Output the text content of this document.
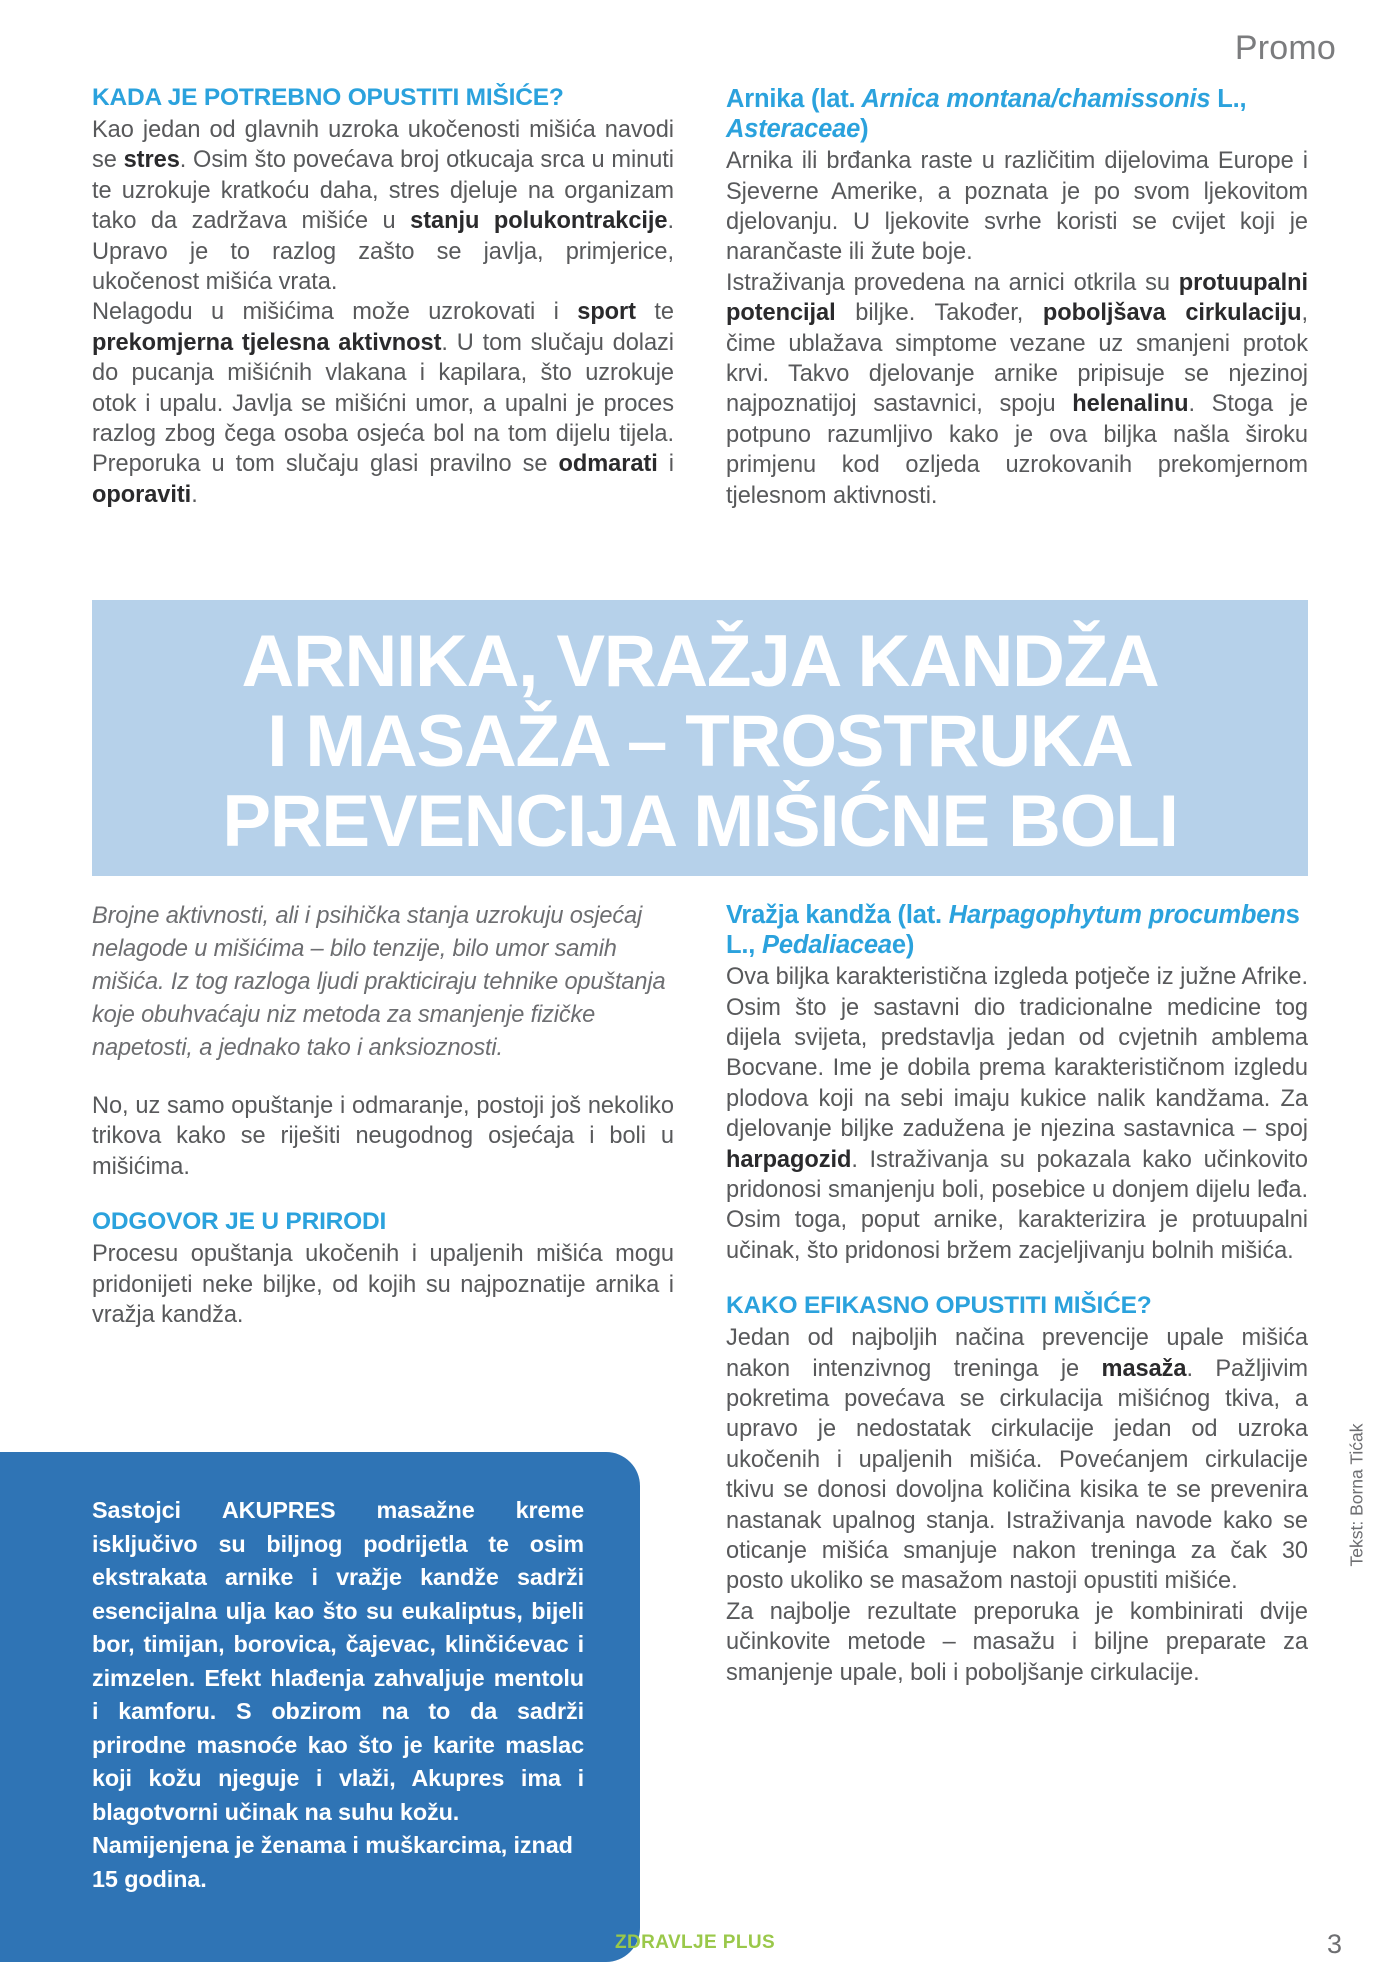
Promo
KADA JE POTREBNO OPUSTITI MIŠIĆE?

Kao jedan od glavnih uzroka ukočenosti mišića navodi se stres. Osim što povećava broj otkucaja srca u minuti te uzrokuje kratkoću daha, stres djeluje na organizam tako da zadržava mišiće u stanju polukontrakcije. Upravo je to razlog zašto se javlja, primjerice, ukočenost mišića vrata.

Nelagodu u mišićima može uzrokovati i sport te prekomjerna tjelesna aktivnost. U tom slučaju dolazi do pucanja mišićnih vlakana i kapilara, što uzrokuje otok i upalu. Javlja se mišićni umor, a upalni je proces razlog zbog čega osoba osjeća bol na tom dijelu tijela. Preporuka u tom slučaju glasi pravilno se odmarati i oporaviti.

Arnika (lat. Arnica montana/chamissonis L., Asteraceae)

Arnika ili brđanka raste u različitim dijelovima Europe i Sjeverne Amerike, a poznata je po svom ljekovitom djelovanju. U ljekovite svrhe koristi se cvijet koji je narančaste ili žute boje.

Istraživanja provedena na arnici otkrila su protuupalni potencijal biljke. Također, poboljšava cirkulaciju, čime ublažava simptome vezane uz smanjeni protok krvi. Takvo djelovanje arnike pripisuje se njezinoj najpoznatijoj sastavnici, spoju helenalinu. Stoga je potpuno razumljivo kako je ova biljka našla široku primjenu kod ozljeda uzrokovanih prekomjernom tjelesnom aktivnosti.

ARNIKA, VRAŽJA KANDŽA
I MASAŽA – TROSTRUKA
PREVENCIJA MIŠIĆNE BOLI

Brojne aktivnosti, ali i psihička stanja uzrokuju osjećaj nelagode u mišićima – bilo tenzije, bilo umor samih mišića. Iz tog razloga ljudi prakticiraju tehnike opuštanja koje obuhvaćaju niz metoda za smanjenje fizičke napetosti, a jednako tako i anksioznosti.

No, uz samo opuštanje i odmaranje, postoji još nekoliko trikova kako se riješiti neugodnog osjećaja i boli u mišićima.

ODGOVOR JE U PRIRODI

Procesu opuštanja ukočenih i upaljenih mišića mogu pridonijeti neke biljke, od kojih su najpoznatije arnika i vražja kandža.

Vražja kandža (lat. Harpagophytum procumbens L., Pedaliaceae)

Ova biljka karakteristična izgleda potječe iz južne Afrike. Osim što je sastavni dio tradicionalne medicine tog dijela svijeta, predstavlja jedan od cvjetnih amblema Bocvane. Ime je dobila prema karakterističnom izgledu plodova koji na sebi imaju kukice nalik kandžama. Za djelovanje biljke zadužena je njezina sastavnica – spoj harpagozid. Istraživanja su pokazala kako učinkovito pridonosi smanjenju boli, posebice u donjem dijelu leđa. Osim toga, poput arnike, karakterizira je protuupalni učinak, što pridonosi bržem zacjeljivanju bolnih mišića.

KAKO EFIKASNO OPUSTITI MIŠIĆE?

Jedan od najboljih načina prevencije upale mišića nakon intenzivnog treninga je masaža. Pažljivim pokretima povećava se cirkulacija mišićnog tkiva, a upravo je nedostatak cirkulacije jedan od uzroka ukočenih i upaljenih mišića. Povećanjem cirkulacije tkivu se donosi dovoljna količina kisika te se prevenira nastanak upalnog stanja. Istraživanja navode kako se oticanje mišića smanjuje nakon treninga za čak 30 posto ukoliko se masažom nastoji opustiti mišiće.

Za najbolje rezultate preporuka je kombinirati dvije učinkovite metode – masažu i biljne preparate za smanjenje upale, boli i poboljšanje cirkulacije.

Sastojci AKUPRES masažne kreme isključivo su biljnog podrijetla te osim ekstrakata arnike i vražje kandže sadrži esencijalna ulja kao što su eukaliptus, bijeli bor, timijan, borovica, čajevac, klinčićevac i zimzelen. Efekt hlađenja zahvaljuje mentolu i kamforu. S obzirom na to da sadrži prirodne masnoće kao što je karite maslac koji kožu njeguje i vlaži, Akupres ima i blagotvorni učinak na suhu kožu.

Namijenjena je ženama i muškarcima, iznad 15 godina.

Tekst: Borna Tićak
ZDRAVLJE PLUS	3
